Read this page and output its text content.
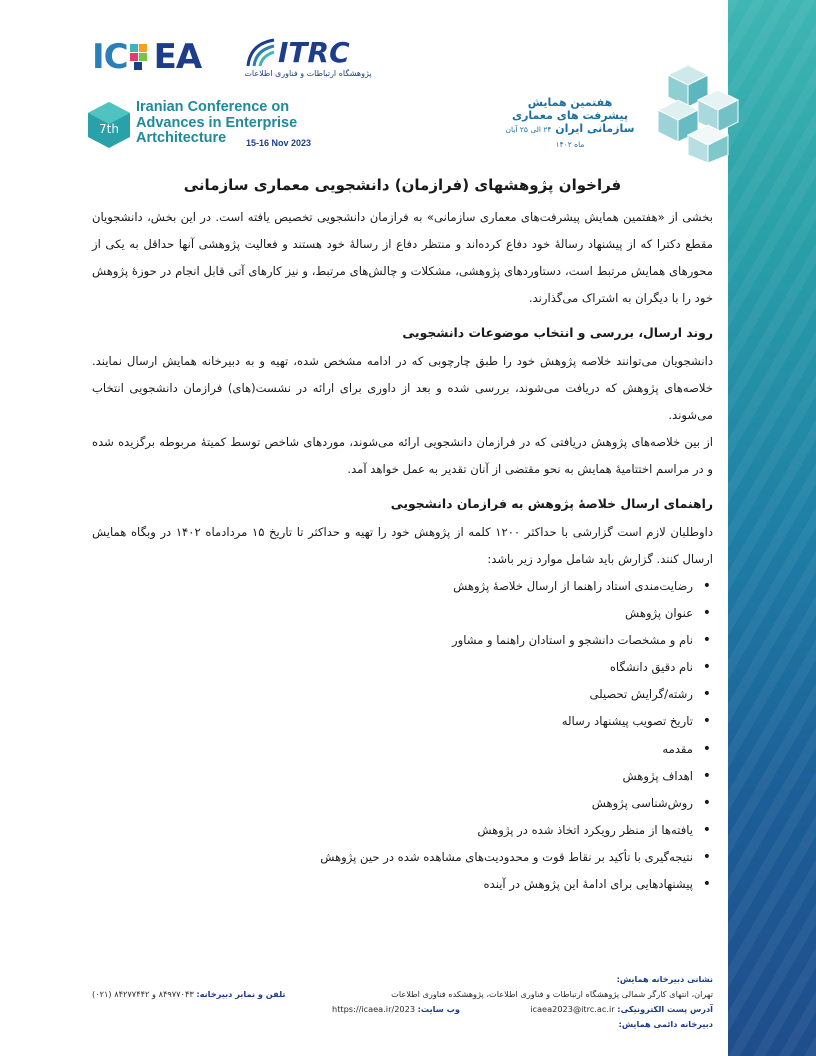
IC EA	ITRC
پژوهشگاه ارتباطات و فناوری اطلاعات
7th
Iranian Conference on
Advances in Enterprise
Artchitecture	15-16 Nov 2023
هفتمین همایش
پیشرفت های معماری
سازمانی ایران ۲۴ الی ۲۵ آبان ماه ۱۴۰۲
فراخوان پژوهشهای (فرازمان) دانشجویی معماری سازمانی

بخشی از «هفتمین همایش پیشرفت‌های معماری سازمانی» به فرازمان دانشجویی تخصیص یافته است. در این بخش، دانشجویان مقطع دکترا که از پیشنهاد رسالۀ خود دفاع کرده‌اند و منتظر دفاع از رسالۀ خود هستند و فعالیت پژوهشی آنها حداقل به یکی از محورهای همایش مرتبط است، دستاوردهای پژوهشی، مشکلات و چالش‌های مرتبط، و نیز کارهای آتی قابل انجام در حوزۀ پژوهش خود را با دیگران به اشتراک می‌گذارند.

روند ارسال، بررسی و انتخاب موضوعات دانشجویی

دانشجویان می‌توانند خلاصه پژوهش خود را طبق چارچوبی که در ادامه مشخص شده، تهیه و به دبیرخانه همایش ارسال نمایند. خلاصه‌های پژوهش که دریافت می‌شوند، بررسی شده و بعد از داوری برای ارائه در نشست(های) فرازمان دانشجویی انتخاب می‌شوند.

از بین خلاصه‌های پژوهش دریافتی که در فرازمان دانشجویی ارائه می‌شوند، موردهای شاخص توسط کمیتۀ مربوطه برگزیده شده و در مراسم اختتامیۀ همایش به نحو مقتضی از آنان تقدیر به عمل خواهد آمد.

راهنمای ارسال خلاصۀ پژوهش به فرازمان دانشجویی

داوطلبان لازم است گزارشی با حداکثر ۱۲۰۰ کلمه از پژوهش خود را تهیه و حداکثر تا تاریخ ۱۵ مردادماه ۱۴۰۲ در وبگاه همایش ارسال کنند. گزارش باید شامل موارد زیر باشد:

• رضایت‌مندی استاد راهنما از ارسال خلاصۀ پژوهش
• عنوان پژوهش
• نام و مشخصات دانشجو و استادان راهنما و مشاور
• نام دقیق دانشگاه
• رشته/گرایش تحصیلی
• تاریخ تصویب پیشنهاد رساله
• مقدمه
• اهداف پژوهش
• روش‌شناسی پژوهش
• یافته‌ها از منظر رویکرد اتخاذ شده در پژوهش
• نتیجه‌گیری با تأکید بر نقاط قوت و محدودیت‌های مشاهده شده در حین پژوهش
• پیشنهادهایی برای ادامۀ این پژوهش در آینده
نشانی دبیرخانه همایش:
تهران، انتهای کارگر شمالی پژوهشگاه ارتباطات و فناوری اطلاعات، پژوهشکده فناوری اطلاعات
تلفن و نمابر دبیرخانه: ۸۴۹۷۷۰۴۳ و ۸۴۲۷۷۴۴۲ (۰۲۱)
آدرس پست الکترونیکی: icaea2023@itrc.ac.ir
وب سایت: https://icaea.ir/2023
دبیرخانه دائمی همایش:
